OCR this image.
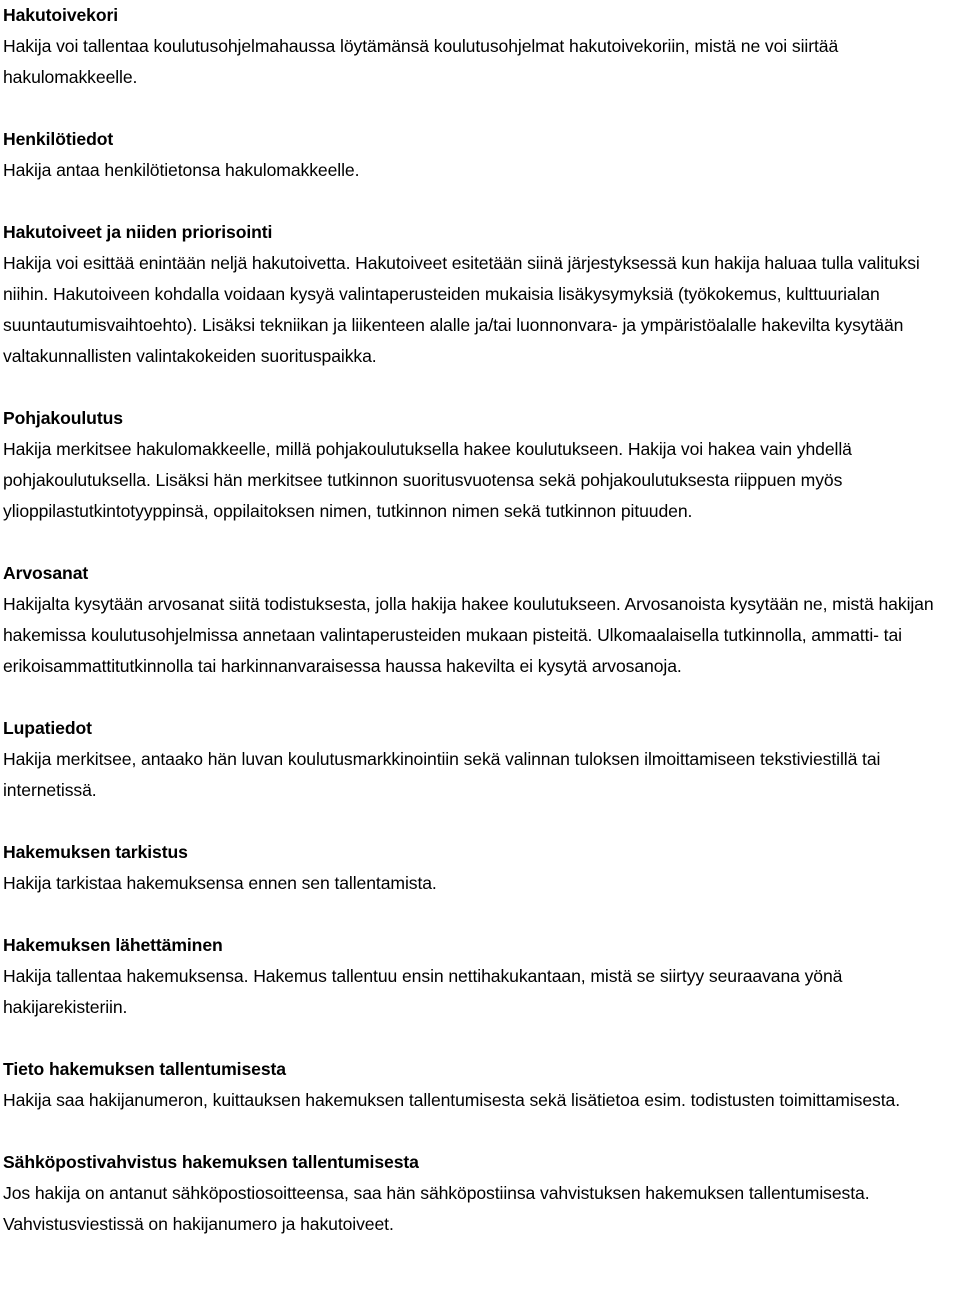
Hakutoivekori
Hakija voi tallentaa koulutusohjelmahaussa löytämänsä koulutusohjelmat hakutoivekoriin, mistä ne voi siirtää hakulomakkeelle.
Henkilötiedot
Hakija antaa henkilötietonsa hakulomakkeelle.
Hakutoiveet ja niiden priorisointi
Hakija voi esittää enintään neljä hakutoivetta. Hakutoiveet esitetään siinä järjestyksessä kun hakija haluaa tulla valituksi niihin. Hakutoiveen kohdalla voidaan kysyä valintaperusteiden mukaisia lisäkysymyksiä (työkokemus, kulttuurialan suuntautumisvaihtoehto). Lisäksi tekniikan ja liikenteen alalle ja/tai luonnonvara- ja ympäristöalalle hakevilta kysytään valtakunnallisten valintakokeiden suorituspaikka.
Pohjakoulutus
Hakija merkitsee hakulomakkeelle, millä pohjakoulutuksella hakee koulutukseen. Hakija voi hakea vain yhdellä pohjakoulutuksella. Lisäksi hän merkitsee tutkinnon suoritusvuotensa sekä pohjakoulutuksesta riippuen myös ylioppilastutkintotyyppinsä, oppilaitoksen nimen, tutkinnon nimen sekä tutkinnon pituuden.
Arvosanat
Hakijalta kysytään arvosanat siitä todistuksesta, jolla hakija hakee koulutukseen. Arvosanoista kysytään ne, mistä hakijan hakemissa koulutusohjelmissa annetaan valintaperusteiden mukaan pisteitä. Ulkomaalaisella tutkinnolla, ammatti- tai erikoisammattitutkinnolla tai harkinnanvaraisessa haussa hakevilta ei kysytä arvosanoja.
Lupatiedot
Hakija merkitsee, antaako hän luvan koulutusmarkkinointiin sekä valinnan tuloksen ilmoittamiseen tekstiviestillä tai internetissä.
Hakemuksen tarkistus
Hakija tarkistaa hakemuksensa ennen sen tallentamista.
Hakemuksen lähettäminen
Hakija tallentaa hakemuksensa. Hakemus tallentuu ensin nettihakukantaan, mistä se siirtyy seuraavana yönä hakijarekisteriin.
Tieto hakemuksen tallentumisesta
Hakija saa hakijanumeron, kuittauksen hakemuksen tallentumisesta sekä lisätietoa esim. todistusten toimittamisesta.
Sähköpostivahvistus hakemuksen tallentumisesta
Jos hakija on antanut sähköpostiosoitteensa, saa hän sähköpostiinsa vahvistuksen hakemuksen tallentumisesta. Vahvistusviestissä on hakijanumero ja hakutoiveet.
